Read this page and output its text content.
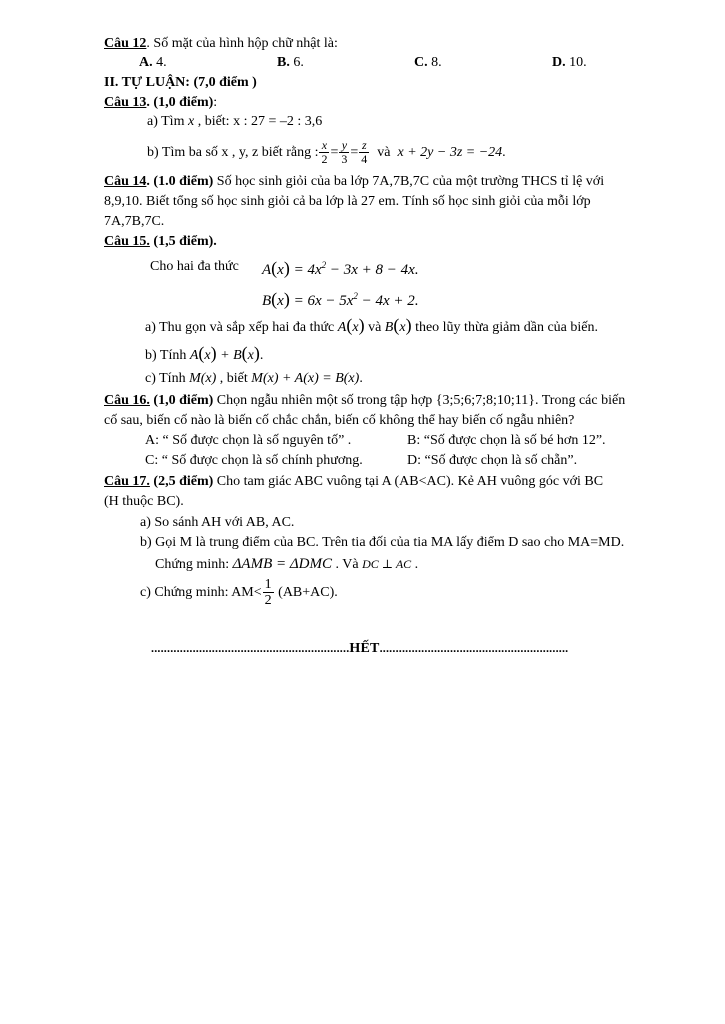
Câu 12. Số mặt của hình hộp chữ nhật là:
A. 4.	B. 6.	C. 8.	D. 10.
II. TỰ LUẬN: (7,0 điểm )
Câu 13. (1,0 điểm):
a) Tìm x , biết: x : 27 = –2 : 3,6
b) Tìm ba số x , y, z biết rằng : $\frac{x}{2} = \frac{y}{3} = \frac{z}{4}$ và x + 2y − 3z = −24.
Câu 14. (1.0 điểm) Số học sinh giỏi của ba lớp 7A,7B,7C của một trường THCS tỉ lệ với
8,9,10. Biết tổng số học sinh giỏi cả ba lớp là 27 em. Tính số học sinh giỏi của mỗi lớp
7A,7B,7C.
Câu 15. (1,5 điểm).
Cho hai đa thức $A(x) = 4x^2 - 3x + 8 - 4x$.
$B(x) = 6x - 5x^2 - 4x + 2$.
a) Thu gọn và sắp xếp hai đa thức A(x) và B(x) theo lũy thừa giảm dần của biến.
b) Tính A(x) + B(x).
c) Tính M(x) , biết M(x) + A(x) = B(x).
Câu 16. (1,0 điểm) Chọn ngẫu nhiên một số trong tập hợp {3;5;6;7;8;10;11}. Trong các biến
cố sau, biến cố nào là biến cố chắc chắn, biến cố không thể hay biến cố ngẫu nhiên?
A: “ Số được chọn là số nguyên tố” .	B: “Số được chọn là số bé hơn 12”.
C: “ Số được chọn là số chính phương.	D: “Số được chọn là số chẵn”.
Câu 17. (2,5 điểm) Cho tam giác ABC vuông tại A (AB<AC). Kẻ AH vuông góc với BC
(H thuộc BC).
a) So sánh AH với AB, AC.
b) Gọi M là trung điểm của BC. Trên tia đối của tia MA lấy điểm D sao cho MA=MD.
Chứng minh: ΔAMB = ΔDMC . Và DC ⊥ AC .
c) Chứng minh: $AM< \frac{1}{2} (AB+AC)$.
..............................................................HẾT...........................................................
